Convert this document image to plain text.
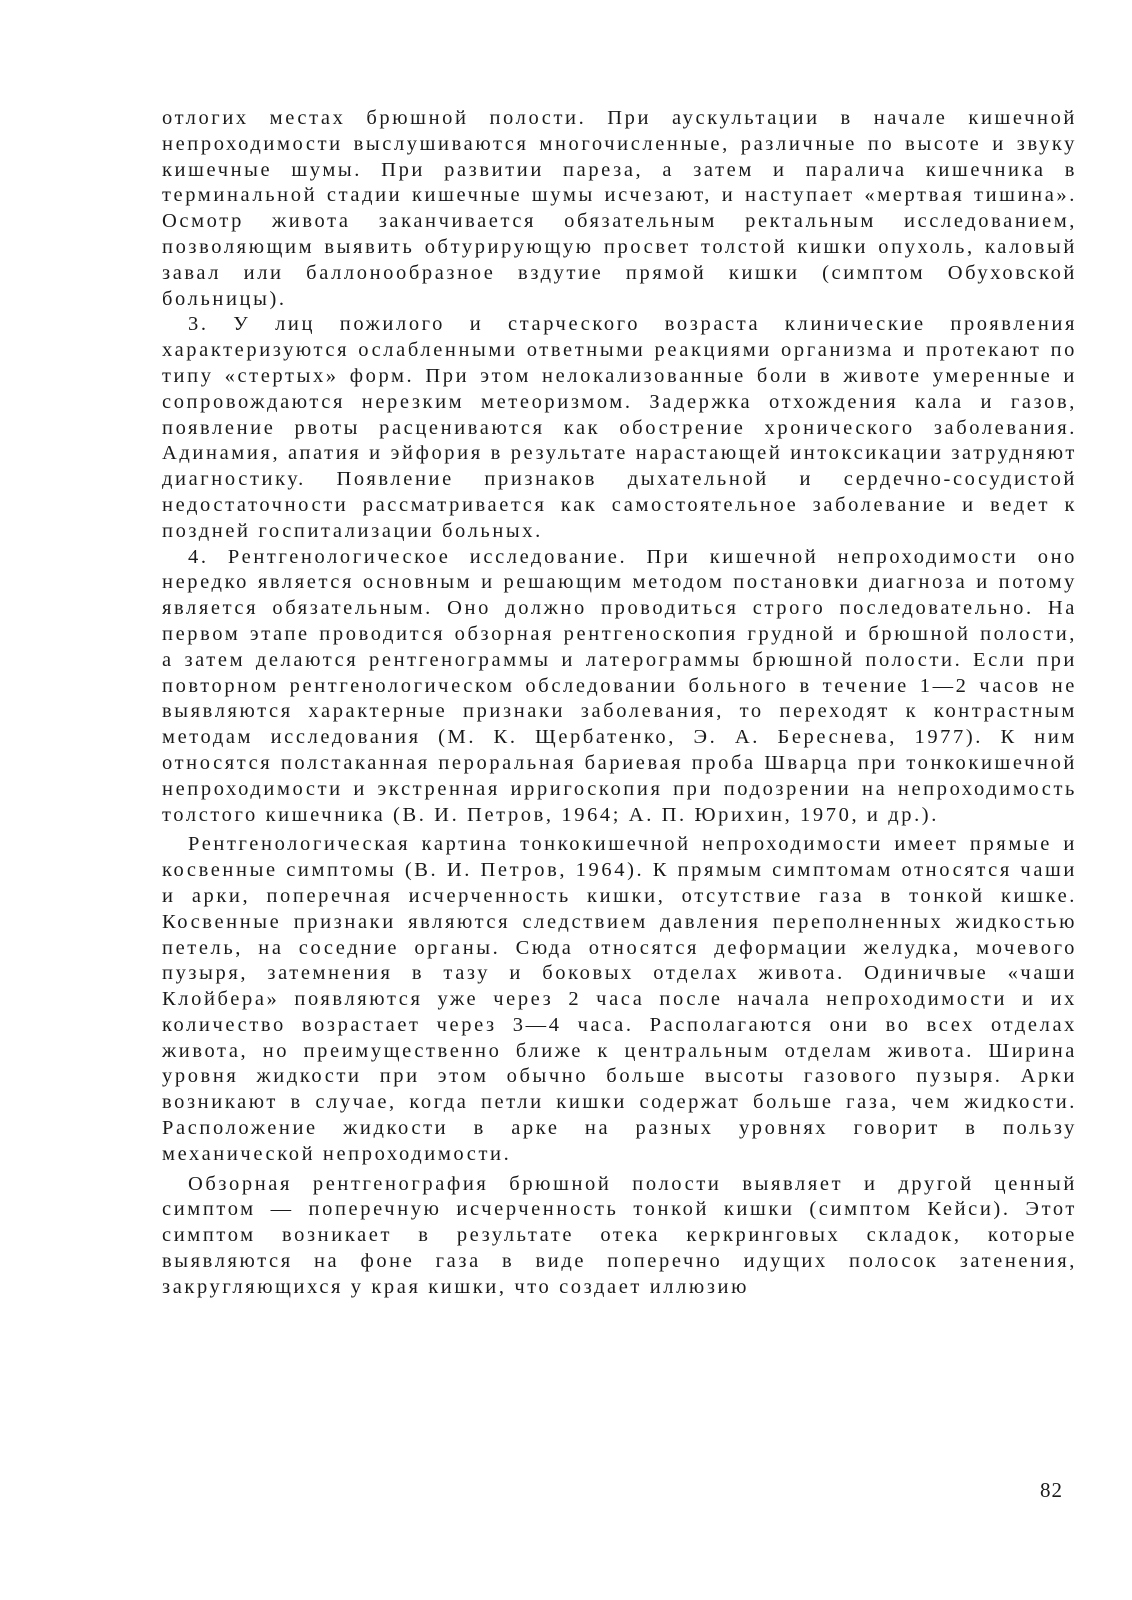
отлогих местах брюшной полости. При аускультации в начале кишечной непроходимости выслушиваются многочисленные, различные по высоте и звуку кишечные шумы. При развитии пареза, а затем и паралича кишечника в терминальной стадии кишечные шумы исчезают, и наступает «мертвая тишина». Осмотр живота заканчивается обязательным ректальным исследованием, позволяющим выявить обтурирующую просвет толстой кишки опухоль, каловый завал или баллонообразное вздутие прямой кишки (симптом Обуховской больницы).

3. У лиц пожилого и старческого возраста клинические проявления характеризуются ослабленными ответными реакциями организма и протекают по типу «стертых» форм. При этом нелокализованные боли в животе умеренные и сопровождаются нерезким метеоризмом. Задержка отхождения кала и газов, появление рвоты расцениваются как обострение хронического заболевания. Адинамия, апатия и эйфория в результате нарастающей интоксикации затрудняют диагностику. Появление признаков дыхательной и сердечно-сосудистой недостаточности рассматривается как самостоятельное заболевание и ведет к поздней госпитализации больных.

4. Рентгенологическое исследование. При кишечной непроходимости оно нередко является основным и решающим методом постановки диагноза и потому является обязательным. Оно должно проводиться строго последовательно. На первом этапе проводится обзорная рентгеноскопия грудной и брюшной полости, а затем делаются рентгенограммы и латерограммы брюшной полости. Если при повторном рентгенологическом обследовании больного в течение 1—2 часов не выявляются характерные признаки заболевания, то переходят к контрастным методам исследования (М. К. Щербатенко, Э. А. Береснева, 1977). К ним относятся полстаканная пероральная бариевая проба Шварца при тонкокишечной непроходимости и экстренная ирригоскопия при подозрении на непроходимость толстого кишечника (В. И. Петров, 1964; А. П. Юрихин, 1970, и др.).

Рентгенологическая картина тонкокишечной непроходимости имеет прямые и косвенные симптомы (В. И. Петров, 1964). К прямым симптомам относятся чаши и арки, поперечная исчерченность кишки, отсутствие газа в тонкой кишке. Косвенные признаки являются следствием давления переполненных жидкостью петель, на соседние органы. Сюда относятся деформации желудка, мочевого пузыря, затемнения в тазу и боковых отделах живота. Одиничвые «чаши Клойбера» появляются уже через 2 часа после начала непроходимости и их количество возрастает через 3—4 часа. Располагаются они во всех отделах живота, но преимущественно ближе к центральным отделам живота. Ширина уровня жидкости при этом обычно больше высоты газового пузыря. Арки возникают в случае, когда петли кишки содержат больше газа, чем жидкости. Расположение жидкости в арке на разных уровнях говорит в пользу механической непроходимости.

Обзорная рентгенография брюшной полости выявляет и другой ценный симптом — поперечную исчерченность тонкой кишки (симптом Кейси). Этот симптом возникает в результате отека керкринговых складок, которые выявляются на фоне газа в виде поперечно идущих полосок затенения, закругляющихся у края кишки, что создает иллюзию

82
